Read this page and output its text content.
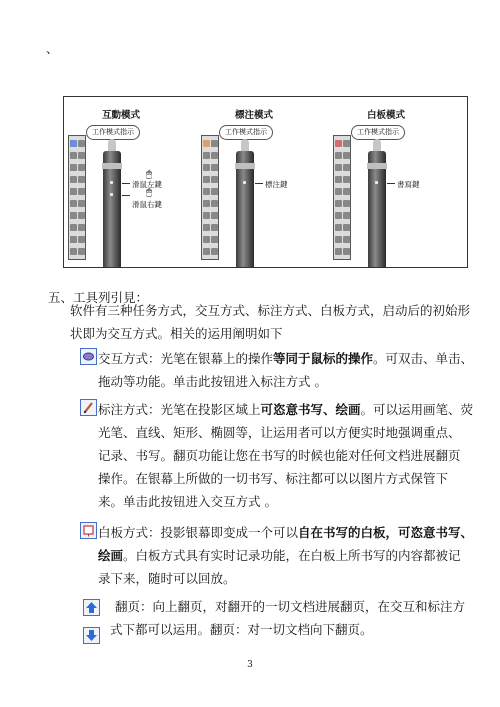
、
互動模式
工作模式指示
🖱
滑鼠左鍵
🖱
滑鼠右鍵
標注模式
工作模式指示
標注鍵
白板模式
工作模式指示
書寫鍵
五、工具列引見：
软件有三种任务方式，交互方式、标注方式、白板方式，启动后的初始形
状即为交互方式。相关的运用阐明如下
交互方式：光笔在银幕上的操作等同于鼠标的操作。可双击、单击、
拖动等功能。单击此按钮进入标注方式 。
标注方式：光笔在投影区域上可恣意书写、绘画。可以运用画笔、荧
光笔、直线、矩形、椭圆等，让运用者可以方便实时地强调重点、
记录、书写。翻页功能让您在书写的时候也能对任何文档进展翻页
操作。在银幕上所做的一切书写、标注都可以以图片方式保管下
来。单击此按钮进入交互方式 。
白板方式：投影银幕即变成一个可以自在书写的白板，可恣意书写、
绘画。白板方式具有实时记录功能，在白板上所书写的内容都被记
录下来，随时可以回放。
翻页：向上翻页，对翻开的一切文档进展翻页，在交互和标注方
式下都可以运用。翻页：对一切文档向下翻页。
3
